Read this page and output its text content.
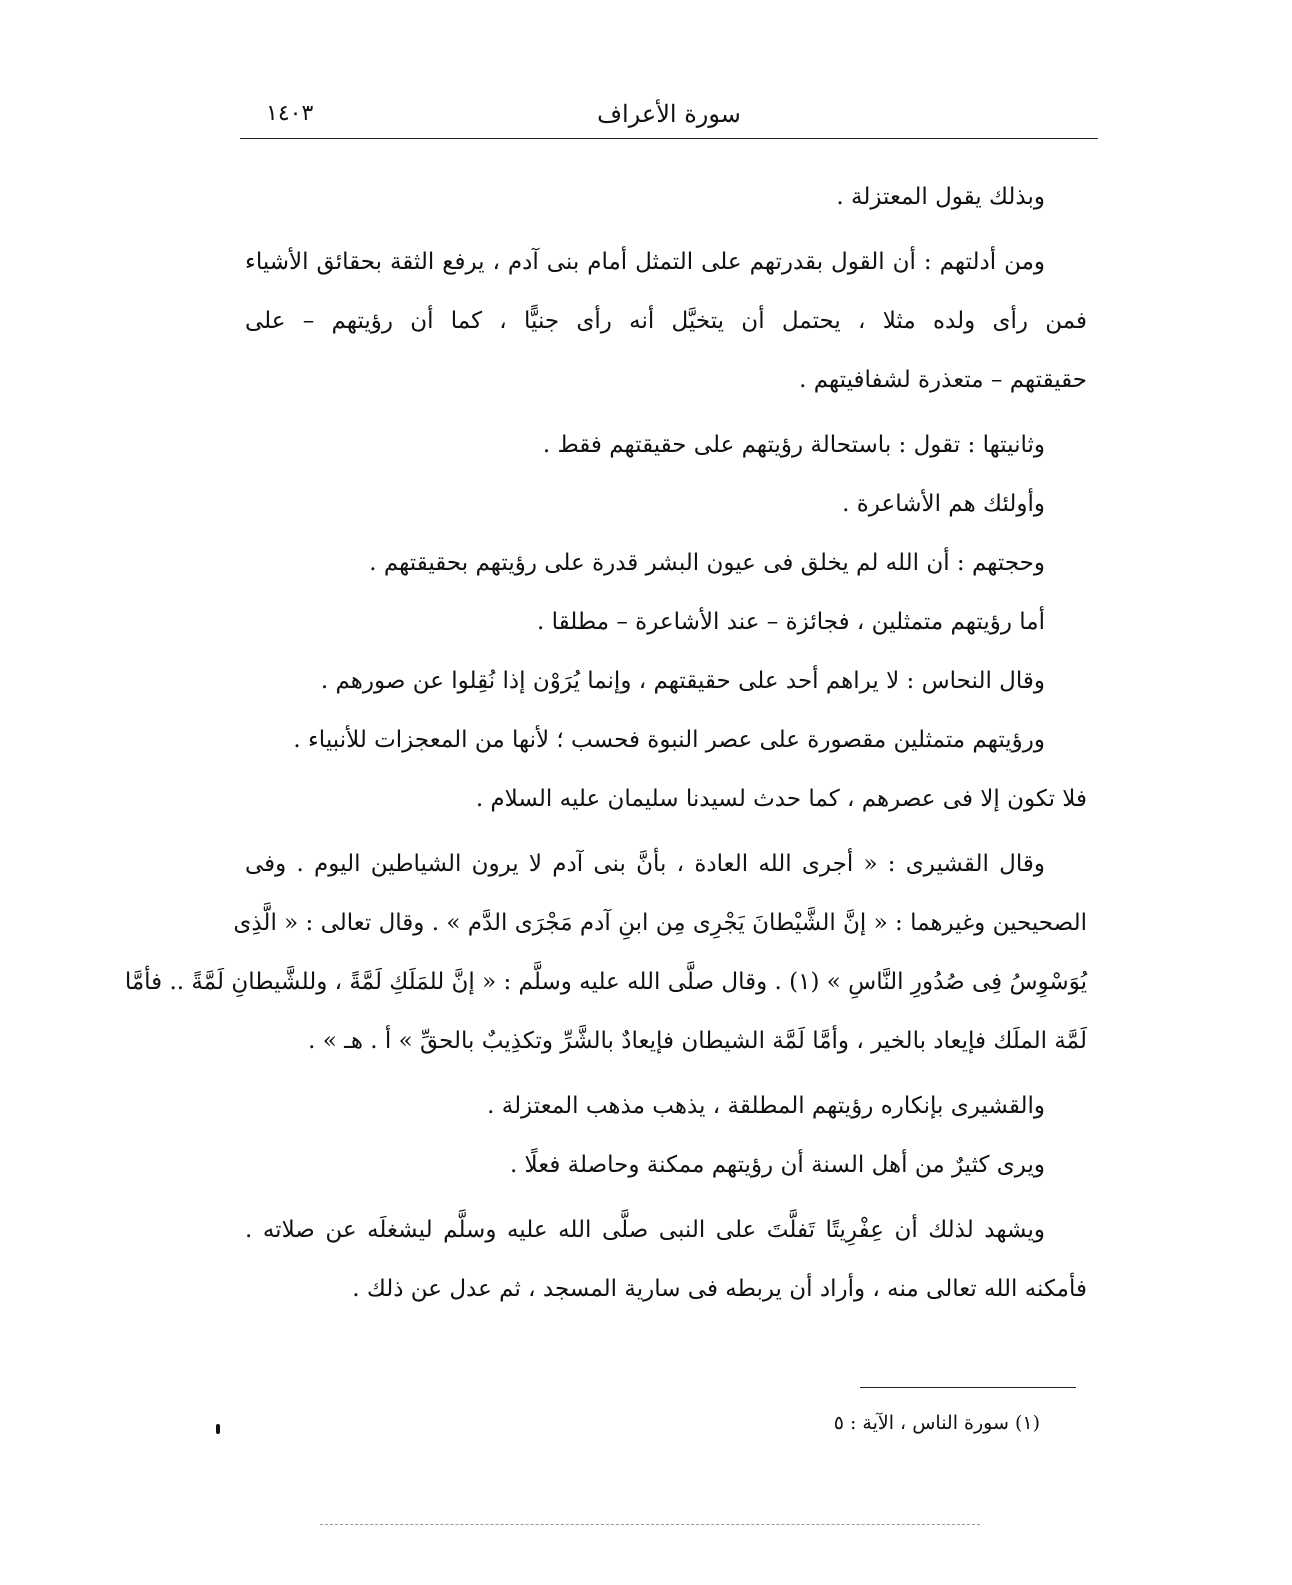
سورة الأعراف
١٤٠٣
وبذلك يقول المعتزلة .
ومن أدلتهم : أن القول بقدرتهم على التمثل أمام بنى آدم ، يرفع الثقة بحقائق الأشياء
فمن رأى ولده مثلا ، يحتمل أن يتخيَّل أنه رأى جنيًّا ، كما أن رؤيتهم – على
حقيقتهم – متعذرة لشفافيتهم .
وثانيتها : تقول : باستحالة رؤيتهم على حقيقتهم فقط .
وأولئك هم الأشاعرة .
وحجتهم : أن الله لم يخلق فى عيون البشر قدرة على رؤيتهم بحقيقتهم .
أما رؤيتهم متمثلين ، فجائزة – عند الأشاعرة – مطلقا .
وقال النحاس : لا يراهم أحد على حقيقتهم ، وإنما يُرَوْن إذا نُقِلوا عن صورهم .
ورؤيتهم متمثلين مقصورة على عصر النبوة فحسب ؛ لأنها من المعجزات للأنبياء .
فلا تكون إلا فى عصرهم ، كما حدث لسيدنا سليمان عليه السلام .
وقال القشيرى : « أجرى الله العادة ، بأنَّ بنى آدم لا يرون الشياطين اليوم . وفى
الصحيحين وغيرهما : « إنَّ الشَّيْطانَ يَجْرِى مِن ابنِ آدم مَجْرَى الدَّم » . وقال تعالى : « الَّذِى
يُوَسْوِسُ فِى صُدُورِ النَّاسِ » (١) . وقال صلَّى الله عليه وسلَّم : « إنَّ للمَلَكِ لَمَّةً ، وللشَّيطانِ لَمَّةً .. فأمَّا
لَمَّة الملَك فإيعاد بالخير ، وأمَّا لَمَّة الشيطان فإيعادٌ بالشَّرِّ وتكذِيبٌ بالحقِّ » أ . هـ » .
والقشيرى بإنكاره رؤيتهم المطلقة ، يذهب مذهب المعتزلة .
ويرى كثيرٌ من أهل السنة أن رؤيتهم ممكنة وحاصلة فعلًا .
ويشهد لذلك أن عِفْرِيتًا تَفلَّتَ على النبى صلَّى الله عليه وسلَّم ليشغلَه عن صلاته .
فأمكنه الله تعالى منه ، وأراد أن يربطه فى سارية المسجد ، ثم عدل عن ذلك .
(١) سورة الناس ، الآية : ٥
